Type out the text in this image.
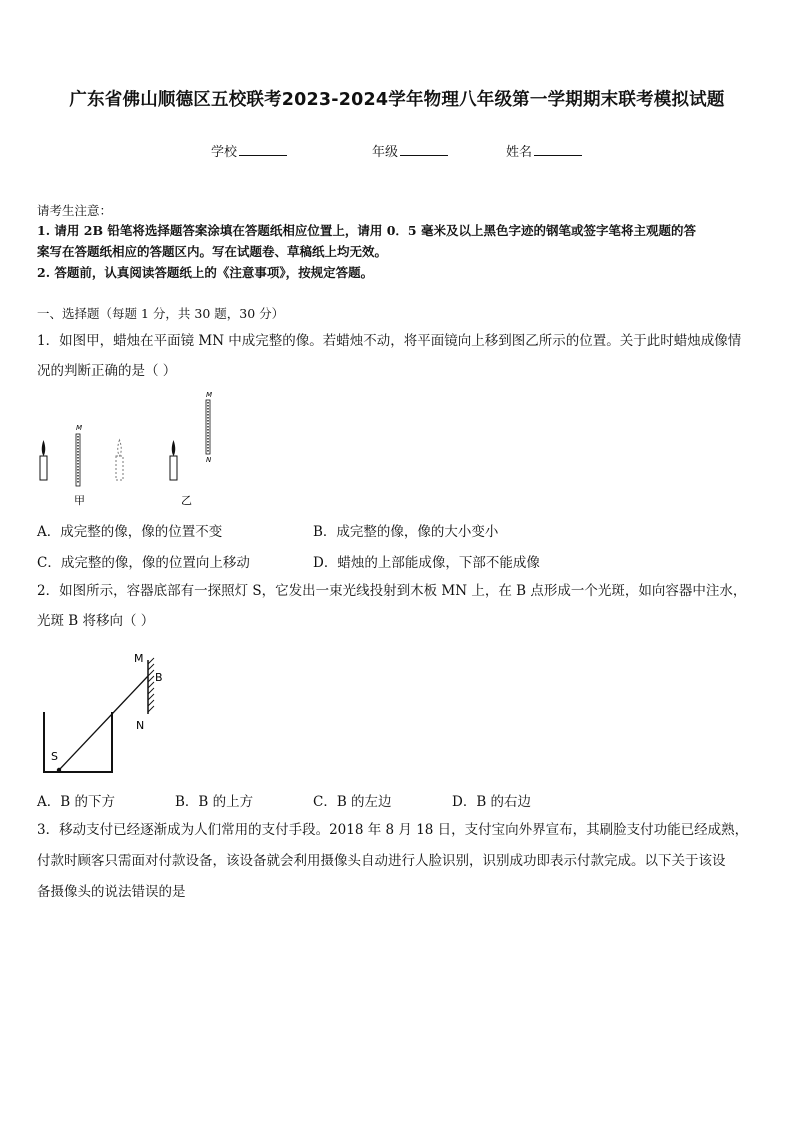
广东省佛山顺德区五校联考2023-2024学年物理八年级第一学期期末联考模拟试题
学校	年级	姓名
请考生注意：
1. 请用 2B 铅笔将选择题答案涂填在答题纸相应位置上，请用 0．5 毫米及以上黑色字迹的钢笔或签字笔将主观题的答
案写在答题纸相应的答题区内。写在试题卷、草稿纸上均无效。
2. 答题前，认真阅读答题纸上的《注意事项》，按规定答题。
一、选择题（每题 1 分，共 30 题，30 分）
1．如图甲，蜡烛在平面镜 MN 中成完整的像。若蜡烛不动，将平面镜向上移到图乙所示的位置。关于此时蜡烛成像情
况的判断正确的是（ ）
M
甲
M
N
乙
A．成完整的像，像的位置不变	B．成完整的像，像的大小变小
C．成完整的像，像的位置向上移动	D．蜡烛的上部能成像，下部不能成像
2．如图所示，容器底部有一探照灯 S，它发出一束光线投射到木板 MN 上，在 B 点形成一个光斑，如向容器中注水，
光斑 B 将移向（ ）
M
B
N
S
A．B 的下方	B．B 的上方	C．B 的左边	D．B 的右边
3．移动支付已经逐渐成为人们常用的支付手段。2018 年 8 月 18 日，支付宝向外界宣布，其刷脸支付功能已经成熟，
付款时顾客只需面对付款设备，该设备就会利用摄像头自动进行人脸识别，识别成功即表示付款完成。以下关于该设
备摄像头的说法错误的是
